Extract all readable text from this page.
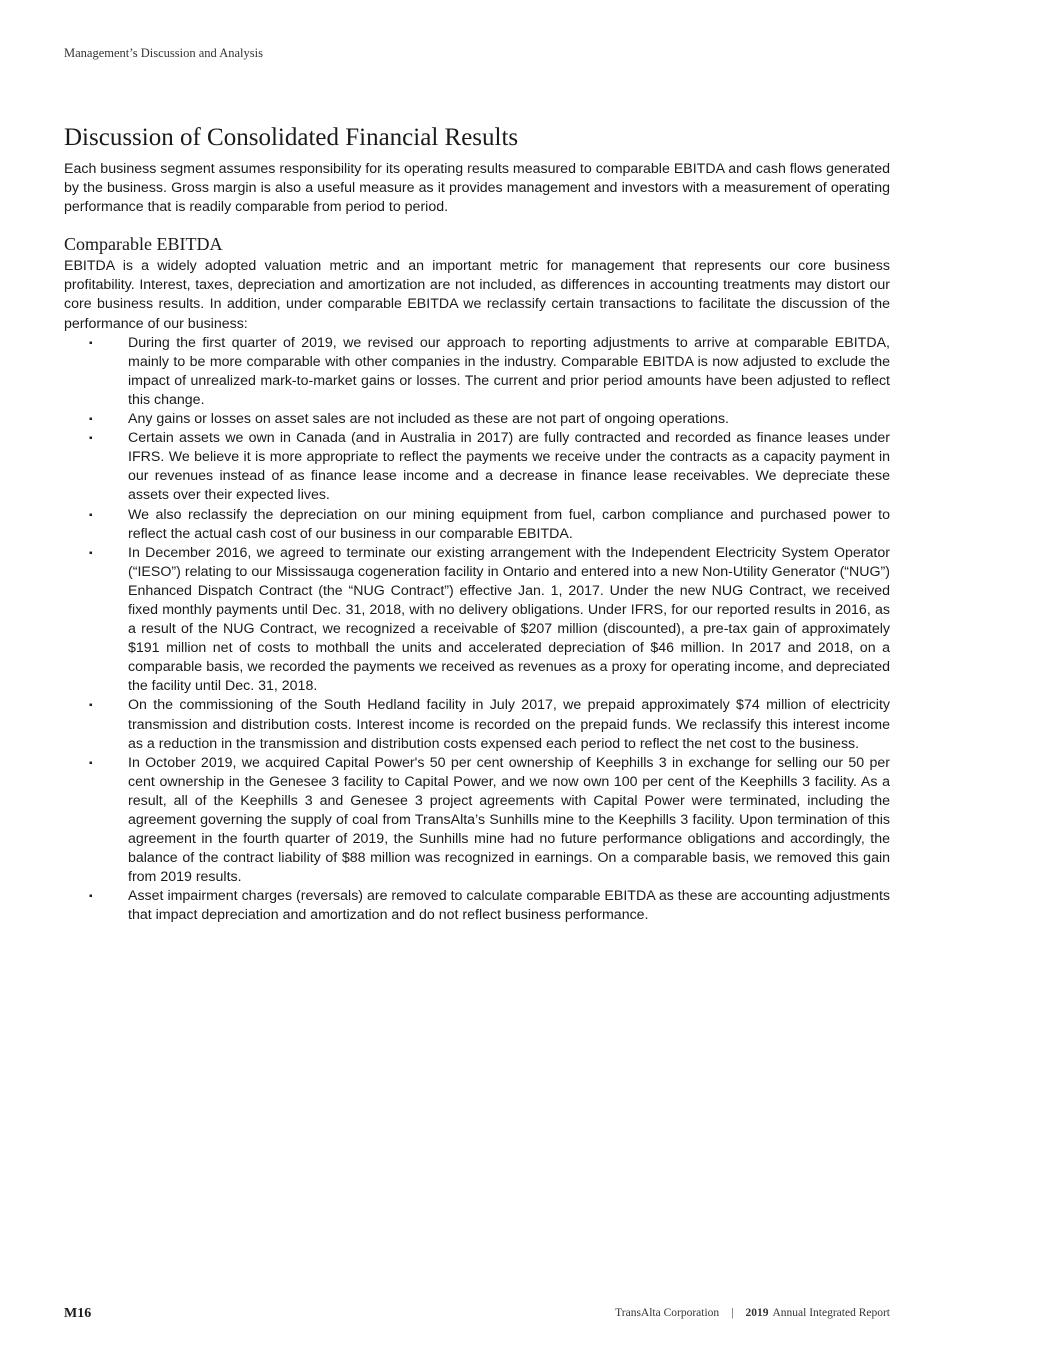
Management’s Discussion and Analysis
Discussion of Consolidated Financial Results

Each business segment assumes responsibility for its operating results measured to comparable EBITDA and cash flows generated by the business. Gross margin is also a useful measure as it provides management and investors with a measurement of operating performance that is readily comparable from period to period.

Comparable EBITDA

EBITDA is a widely adopted valuation metric and an important metric for management that represents our core business profitability. Interest, taxes, depreciation and amortization are not included, as differences in accounting treatments may distort our core business results. In addition, under comparable EBITDA we reclassify certain transactions to facilitate the discussion of the performance of our business:

▪ During the first quarter of 2019, we revised our approach to reporting adjustments to arrive at comparable EBITDA, mainly to be more comparable with other companies in the industry. Comparable EBITDA is now adjusted to exclude the impact of unrealized mark-to-market gains or losses. The current and prior period amounts have been adjusted to reflect this change.
▪ Any gains or losses on asset sales are not included as these are not part of ongoing operations.
▪ Certain assets we own in Canada (and in Australia in 2017) are fully contracted and recorded as finance leases under IFRS. We believe it is more appropriate to reflect the payments we receive under the contracts as a capacity payment in our revenues instead of as finance lease income and a decrease in finance lease receivables. We depreciate these assets over their expected lives.
▪ We also reclassify the depreciation on our mining equipment from fuel, carbon compliance and purchased power to reflect the actual cash cost of our business in our comparable EBITDA.
▪ In December 2016, we agreed to terminate our existing arrangement with the Independent Electricity System Operator (“IESO”) relating to our Mississauga cogeneration facility in Ontario and entered into a new Non-Utility Generator (“NUG”) Enhanced Dispatch Contract (the “NUG Contract”) effective Jan. 1, 2017. Under the new NUG Contract, we received fixed monthly payments until Dec. 31, 2018, with no delivery obligations. Under IFRS, for our reported results in 2016, as a result of the NUG Contract, we recognized a receivable of $207 million (discounted), a pre-tax gain of approximately $191 million net of costs to mothball the units and accelerated depreciation of $46 million. In 2017 and 2018, on a comparable basis, we recorded the payments we received as revenues as a proxy for operating income, and depreciated the facility until Dec. 31, 2018.
▪ On the commissioning of the South Hedland facility in July 2017, we prepaid approximately $74 million of electricity transmission and distribution costs. Interest income is recorded on the prepaid funds. We reclassify this interest income as a reduction in the transmission and distribution costs expensed each period to reflect the net cost to the business.
▪ In October 2019, we acquired Capital Power's 50 per cent ownership of Keephills 3 in exchange for selling our 50 per cent ownership in the Genesee 3 facility to Capital Power, and we now own 100 per cent of the Keephills 3 facility. As a result, all of the Keephills 3 and Genesee 3 project agreements with Capital Power were terminated, including the agreement governing the supply of coal from TransAlta’s Sunhills mine to the Keephills 3 facility. Upon termination of this agreement in the fourth quarter of 2019, the Sunhills mine had no future performance obligations and accordingly, the balance of the contract liability of $88 million was recognized in earnings. On a comparable basis, we removed this gain from 2019 results.
▪ Asset impairment charges (reversals) are removed to calculate comparable EBITDA as these are accounting adjustments that impact depreciation and amortization and do not reflect business performance.
M16	TransAlta Corporation | 2019 Annual Integrated Report
